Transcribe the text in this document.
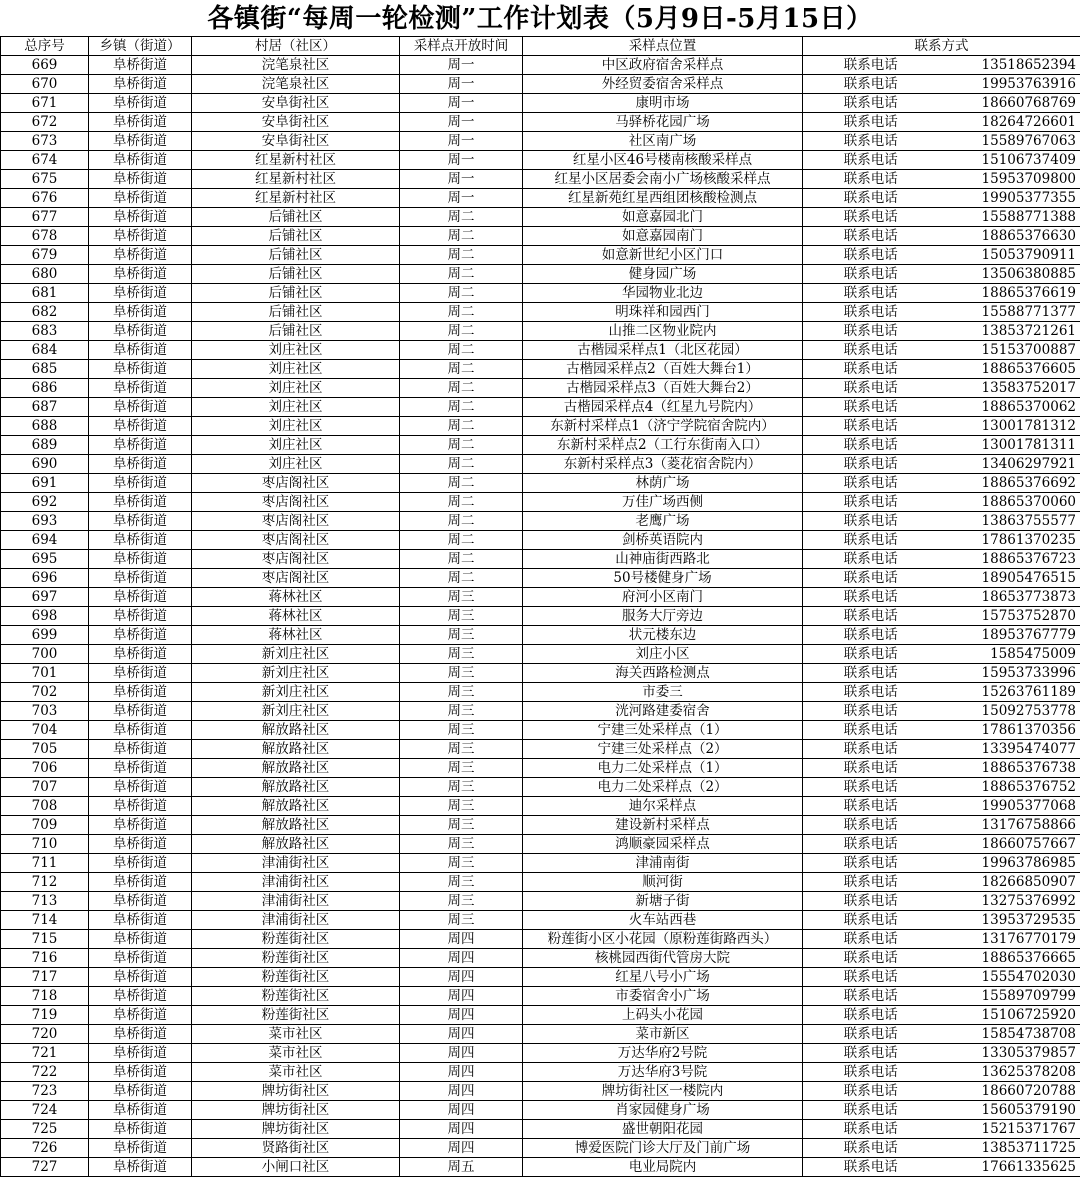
各镇街“每周一轮检测”工作计划表（5月9日-5月15日）
总序号	乡镇（街道）	村居（社区）	采样点开放时间	采样点位置	联系方式	
669	阜桥街道	浣笔泉社区	周一	中区政府宿舍采样点	联系电话	13518652394
670	阜桥街道	浣笔泉社区	周一	外经贸委宿舍采样点	联系电话	19953763916
671	阜桥街道	安阜街社区	周一	康明市场	联系电话	18660768769
672	阜桥街道	安阜街社区	周一	马驿桥花园广场	联系电话	18264726601
673	阜桥街道	安阜街社区	周一	社区南广场	联系电话	15589767063
674	阜桥街道	红星新村社区	周一	红星小区46号楼南核酸采样点	联系电话	15106737409
675	阜桥街道	红星新村社区	周一	红星小区居委会南小广场核酸采样点	联系电话	15953709800
676	阜桥街道	红星新村社区	周一	红星新苑红星西组团核酸检测点	联系电话	19905377355
677	阜桥街道	后铺社区	周二	如意嘉园北门	联系电话	15588771388
678	阜桥街道	后铺社区	周二	如意嘉园南门	联系电话	18865376630
679	阜桥街道	后铺社区	周二	如意新世纪小区门口	联系电话	15053790911
680	阜桥街道	后铺社区	周二	健身园广场	联系电话	13506380885
681	阜桥街道	后铺社区	周二	华园物业北边	联系电话	18865376619
682	阜桥街道	后铺社区	周二	明珠祥和园西门	联系电话	15588771377
683	阜桥街道	后铺社区	周二	山推二区物业院内	联系电话	13853721261
684	阜桥街道	刘庄社区	周二	古楷园采样点1（北区花园）	联系电话	15153700887
685	阜桥街道	刘庄社区	周二	古楷园采样点2（百姓大舞台1）	联系电话	18865376605
686	阜桥街道	刘庄社区	周二	古楷园采样点3（百姓大舞台2）	联系电话	13583752017
687	阜桥街道	刘庄社区	周二	古楷园采样点4（红星九号院内）	联系电话	18865370062
688	阜桥街道	刘庄社区	周二	东新村采样点1（济宁学院宿舍院内）	联系电话	13001781312
689	阜桥街道	刘庄社区	周二	东新村采样点2（工行东街南入口）	联系电话	13001781311
690	阜桥街道	刘庄社区	周二	东新村采样点3（菱花宿舍院内）	联系电话	13406297921
691	阜桥街道	枣店阁社区	周二	林荫广场	联系电话	18865376692
692	阜桥街道	枣店阁社区	周二	万佳广场西侧	联系电话	18865370060
693	阜桥街道	枣店阁社区	周二	老鹰广场	联系电话	13863755577
694	阜桥街道	枣店阁社区	周二	剑桥英语院内	联系电话	17861370235
695	阜桥街道	枣店阁社区	周二	山神庙街西路北	联系电话	18865376723
696	阜桥街道	枣店阁社区	周二	50号楼健身广场	联系电话	18905476515
697	阜桥街道	蒋林社区	周三	府河小区南门	联系电话	18653773873
698	阜桥街道	蒋林社区	周三	服务大厅旁边	联系电话	15753752870
699	阜桥街道	蒋林社区	周三	状元楼东边	联系电话	18953767779
700	阜桥街道	新刘庄社区	周三	刘庄小区	联系电话	1585475009
701	阜桥街道	新刘庄社区	周三	海关西路检测点	联系电话	15953733996
702	阜桥街道	新刘庄社区	周三	市委三	联系电话	15263761189
703	阜桥街道	新刘庄社区	周三	洸河路建委宿舍	联系电话	15092753778
704	阜桥街道	解放路社区	周三	宁建三处采样点（1）	联系电话	17861370356
705	阜桥街道	解放路社区	周三	宁建三处采样点（2）	联系电话	13395474077
706	阜桥街道	解放路社区	周三	电力二处采样点（1）	联系电话	18865376738
707	阜桥街道	解放路社区	周三	电力二处采样点（2）	联系电话	18865376752
708	阜桥街道	解放路社区	周三	迪尔采样点	联系电话	19905377068
709	阜桥街道	解放路社区	周三	建设新村采样点	联系电话	13176758866
710	阜桥街道	解放路社区	周三	鸿顺豪园采样点	联系电话	18660757667
711	阜桥街道	津浦街社区	周三	津浦南街	联系电话	19963786985
712	阜桥街道	津浦街社区	周三	顺河街	联系电话	18266850907
713	阜桥街道	津浦街社区	周三	新塘子街	联系电话	13275376992
714	阜桥街道	津浦街社区	周三	火车站西巷	联系电话	13953729535
715	阜桥街道	粉莲街社区	周四	粉莲街小区小花园（原粉莲街路西头）	联系电话	13176770179
716	阜桥街道	粉莲街社区	周四	核桃园西街代管房大院	联系电话	18865376665
717	阜桥街道	粉莲街社区	周四	红星八号小广场	联系电话	15554702030
718	阜桥街道	粉莲街社区	周四	市委宿舍小广场	联系电话	15589709799
719	阜桥街道	粉莲街社区	周四	上码头小花园	联系电话	15106725920
720	阜桥街道	菜市社区	周四	菜市新区	联系电话	15854738708
721	阜桥街道	菜市社区	周四	万达华府2号院	联系电话	13305379857
722	阜桥街道	菜市社区	周四	万达华府3号院	联系电话	13625378208
723	阜桥街道	牌坊街社区	周四	牌坊街社区一楼院内	联系电话	18660720788
724	阜桥街道	牌坊街社区	周四	肖家园健身广场	联系电话	15605379190
725	阜桥街道	牌坊街社区	周四	盛世朝阳花园	联系电话	15215371767
726	阜桥街道	贤路街社区	周四	博爱医院门诊大厅及门前广场	联系电话	13853711725
727	阜桥街道	小闸口社区	周五	电业局院内	联系电话	17661335625
